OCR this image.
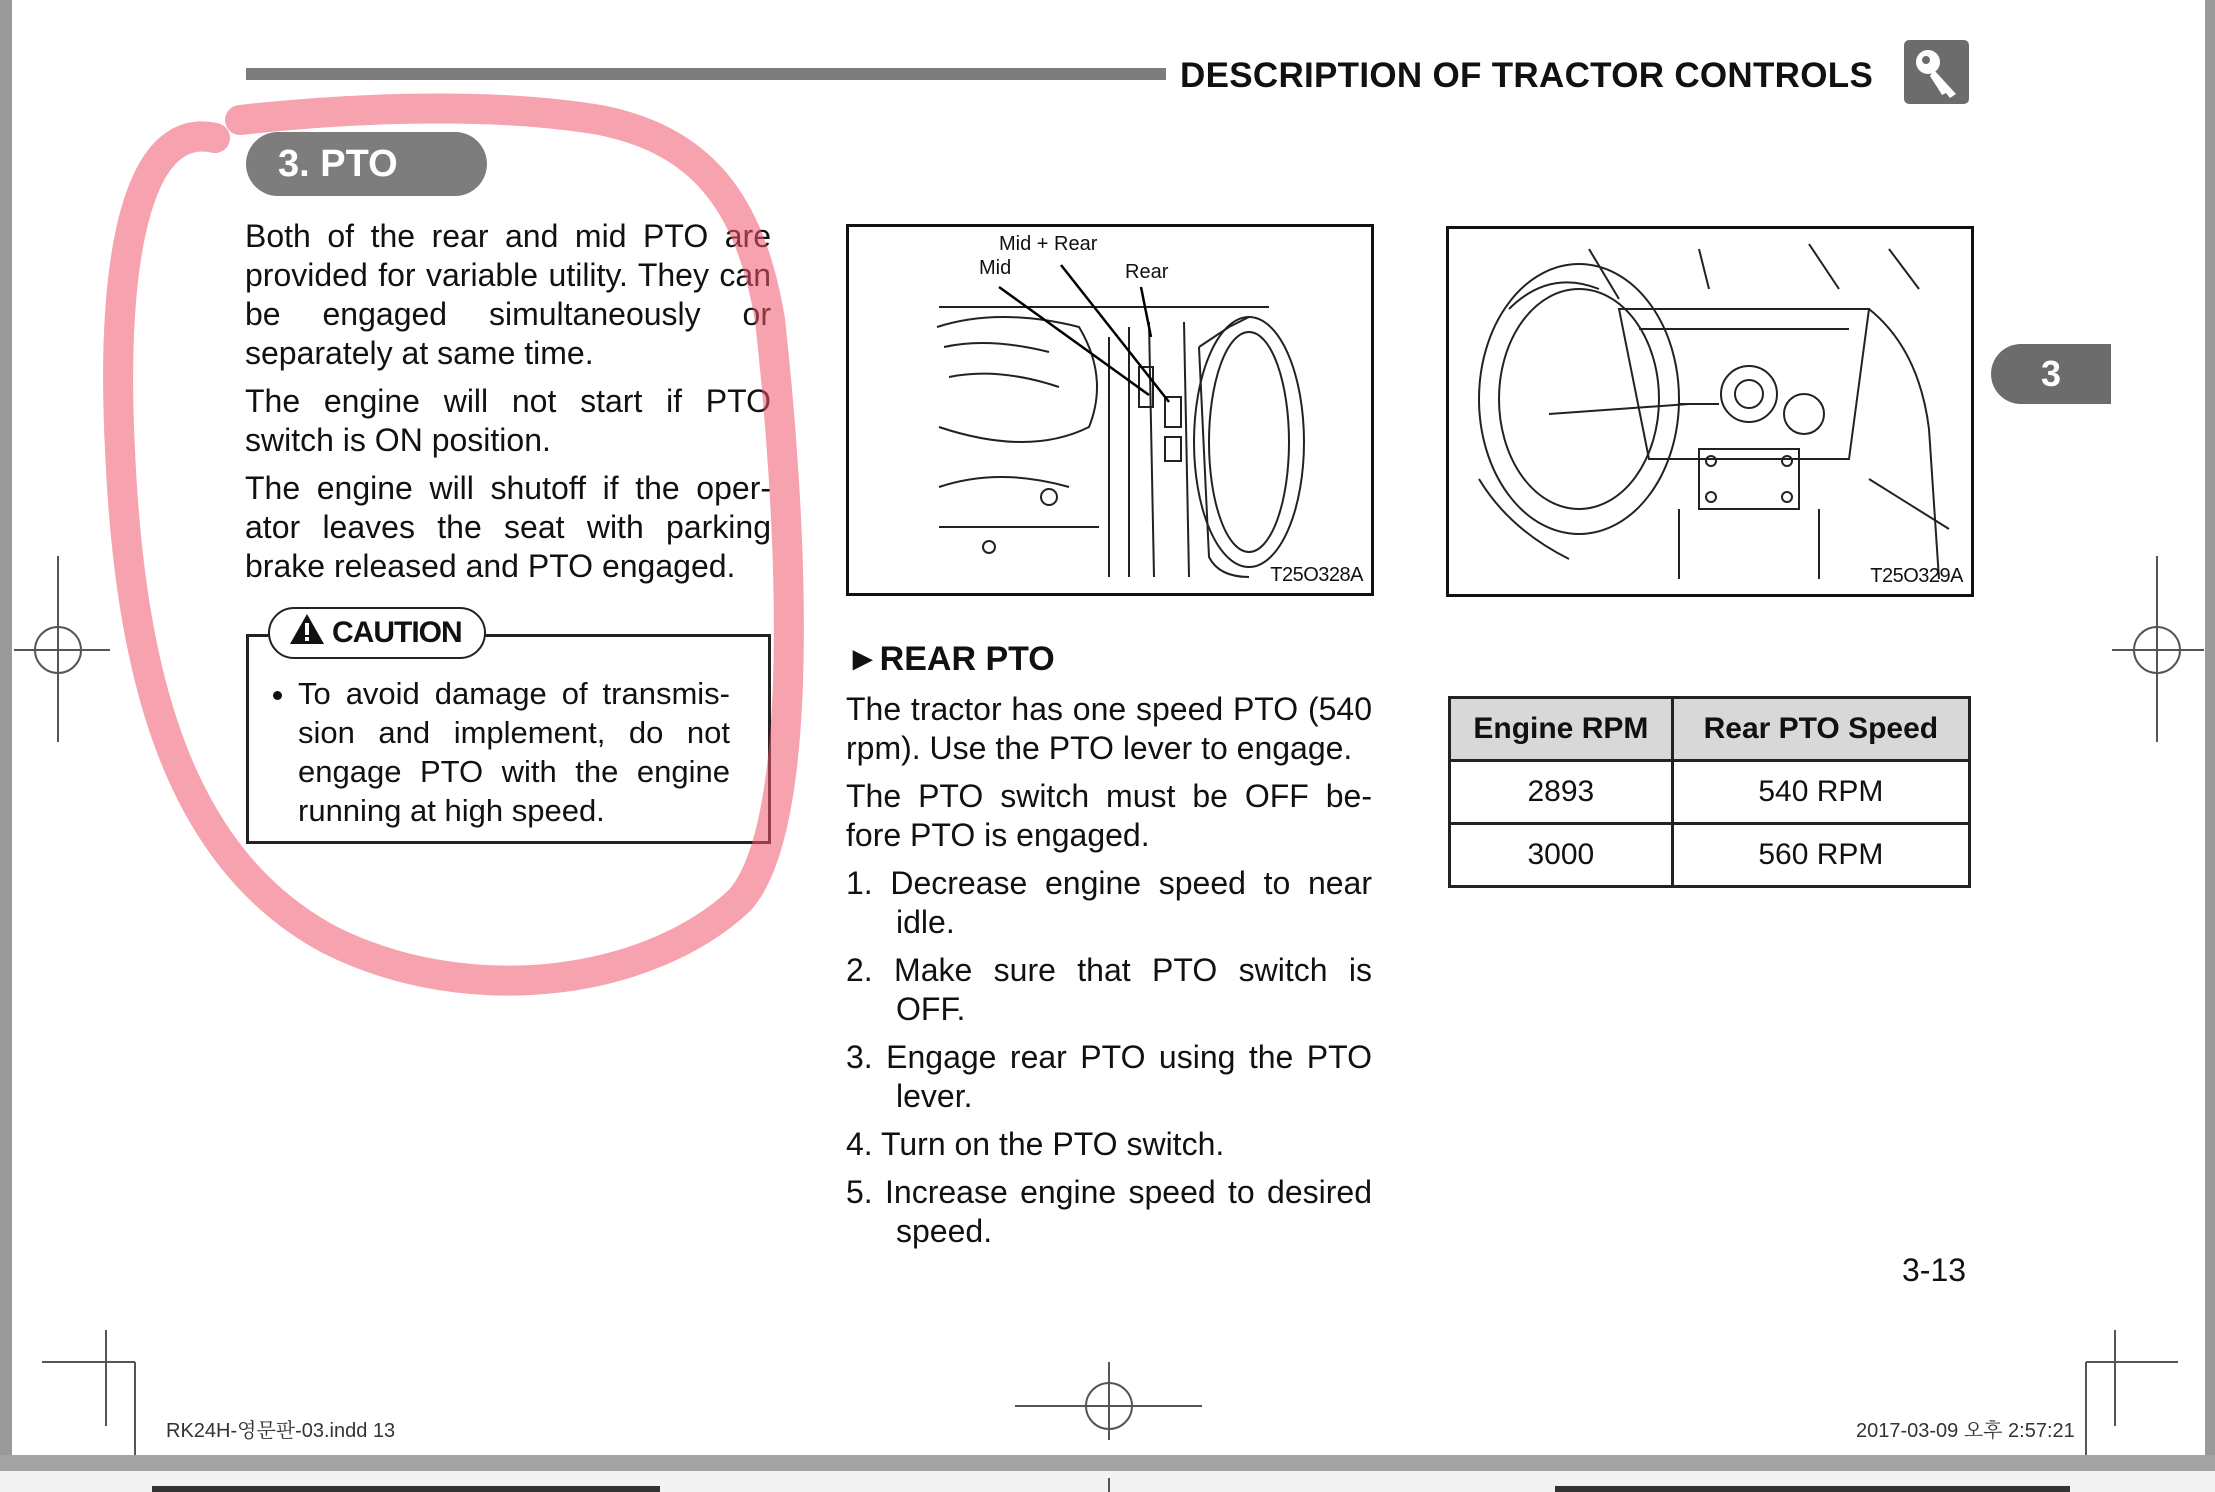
DESCRIPTION OF TRACTOR CONTROLS
3. PTO

Both of the rear and mid PTO are provided for variable utility. They can be engaged simultaneously or separately at same time.

The engine will not start if PTO switch is ON position.

The engine will shutoff if the oper-ator leaves the seat with parking brake released and PTO engaged.

CAUTION
• To avoid damage of transmis-sion and implement, do not engage PTO with the engine running at high speed.
Mid + Rear
Mid	Rear
T25O328A	T25O329A
►REAR PTO

The tractor has one speed PTO (540 rpm). Use the PTO lever to engage.

The PTO switch must be OFF be-fore PTO is engaged.

1. Decrease engine speed to near idle.
2. Make sure that PTO switch is OFF.
3. Engage rear PTO using the PTO lever.
4. Turn on the PTO switch.
5. Increase engine speed to desired speed.
Engine RPM	Rear PTO Speed
2893	540 RPM
3000	560 RPM
3
3-13
RK24H-영문판-03.indd 13	2017-03-09 오후 2:57:21
